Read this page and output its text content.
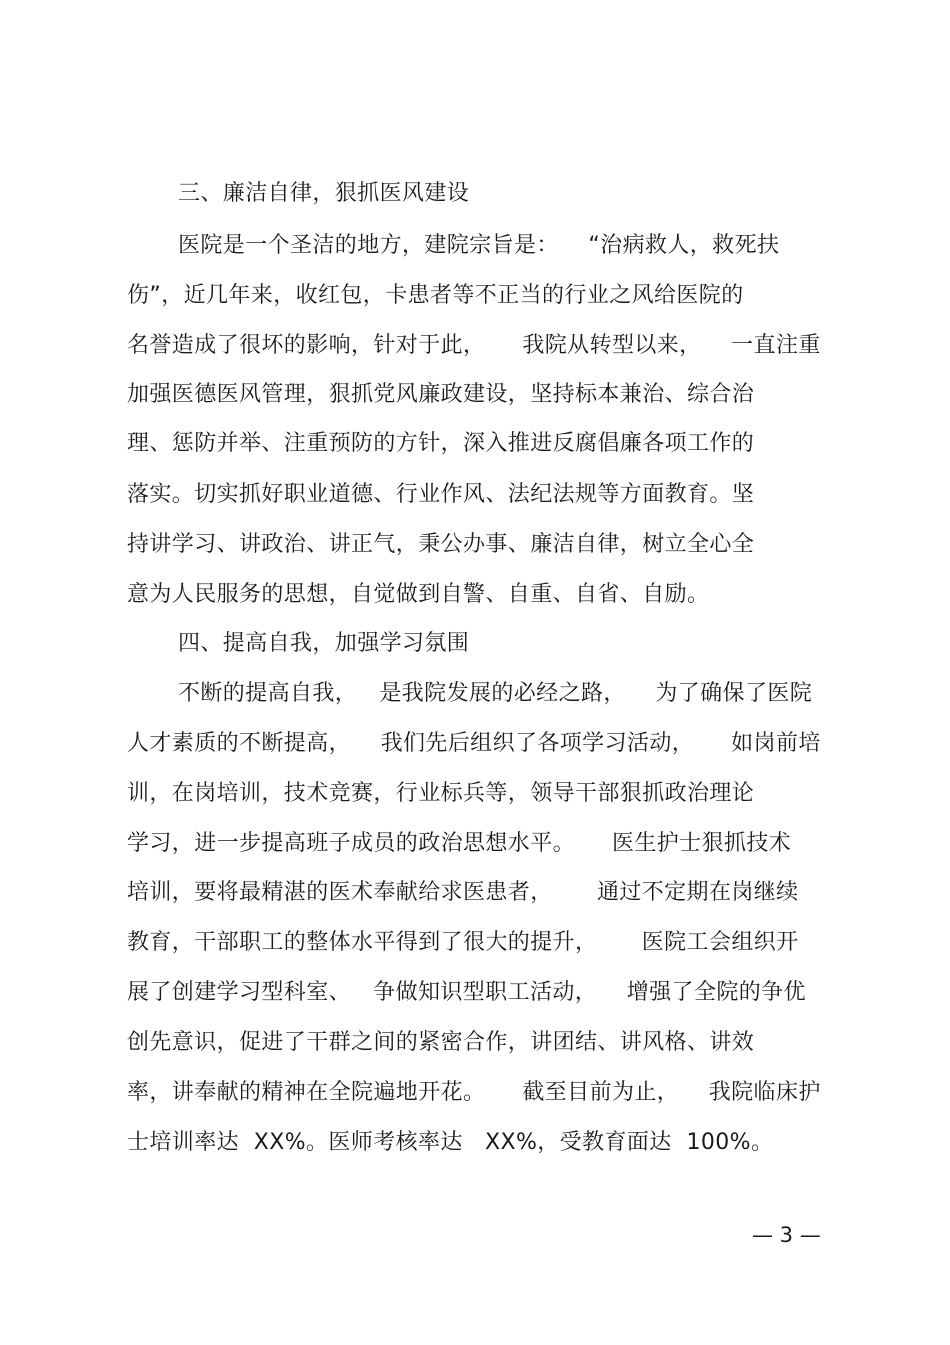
三、廉洁自律，狠抓医风建设
医院是一个圣洁的地方，建院宗旨是：    “治病救人，救死扶
伤”，近几年来，收红包，卡患者等不正当的行业之风给医院的
名誉造成了很坏的影响，针对于此，     我院从转型以来，    一直注重
加强医德医风管理，狠抓党风廉政建设，坚持标本兼治、综合治
理、惩防并举、注重预防的方针，深入推进反腐倡廉各项工作的
落实。切实抓好职业道德、行业作风、法纪法规等方面教育。坚
持讲学习、讲政治、讲正气，秉公办事、廉洁自律，树立全心全
意为人民服务的思想，自觉做到自警、自重、自省、自励。
四、提高自我，加强学习氛围
不断的提高自我，   是我院发展的必经之路，    为了确保了医院
人才素质的不断提高，    我们先后组织了各项学习活动，     如岗前培
训，在岗培训，技术竞赛，行业标兵等，领导干部狠抓政治理论
学习，进一步提高班子成员的政治思想水平。     医生护士狠抓技术
培训，要将最精湛的医术奉献给求医患者，      通过不定期在岗继续
教育，干部职工的整体水平得到了很大的提升，      医院工会组织开
展了创建学习型科室、   争做知识型职工活动，    增强了全院的争优
创先意识，促进了干群之间的紧密合作，讲团结、讲风格、讲效
率，讲奉献的精神在全院遍地开花。     截至目前为止，    我院临床护
士培训率达  XX%。医师考核率达   XX%，受教育面达  100%。
— 3 —
